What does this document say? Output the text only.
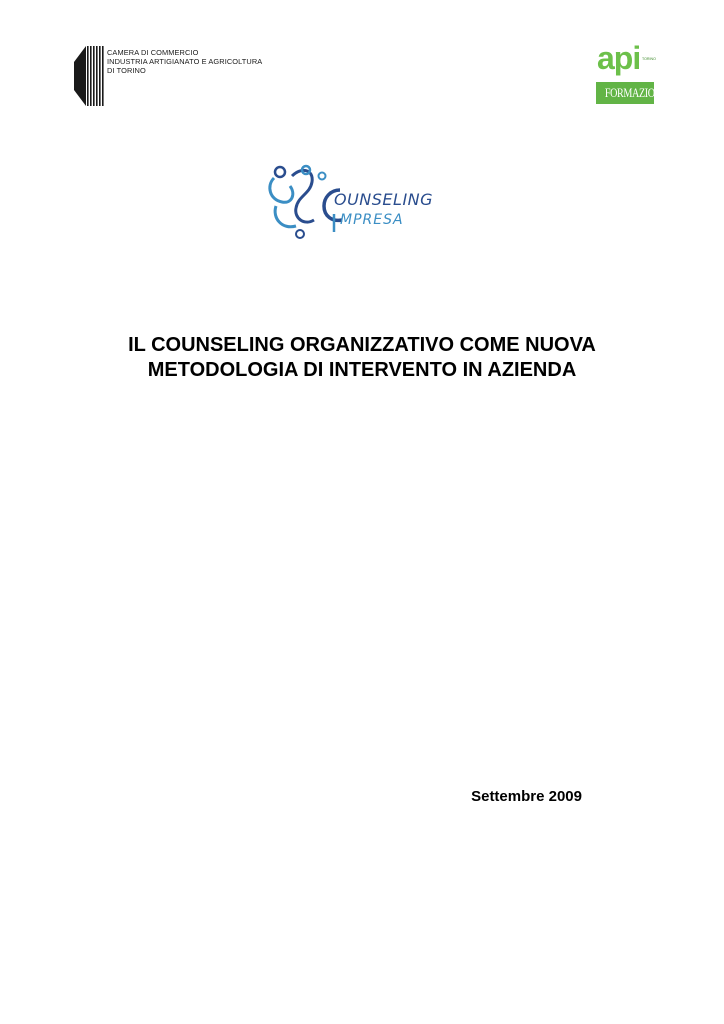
CAMERA DI COMMERCIO
INDUSTRIA ARTIGIANATO E AGRICOLTURA
DI TORINO	api TORINO
FORMAZIONE
OUNSELING
MPRESA
IL COUNSELING ORGANIZZATIVO COME NUOVA
METODOLOGIA DI INTERVENTO IN AZIENDA
Settembre 2009
